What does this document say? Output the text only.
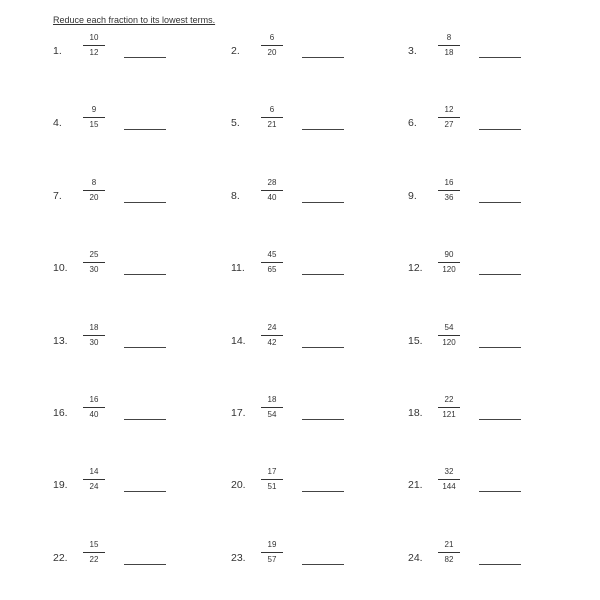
Reduce each fraction to its lowest terms.
1.
10
12	2.
6
20	3.
8
18
4.
9
15	5.
6
21	6.
12
27
7.
8
20	8.
28
40	9.
16
36
10.
25
30	11.
45
65	12.
90
120
13.
18
30	14.
24
42	15.
54
120
16.
16
40	17.
18
54	18.
22
121
19.
14
24	20.
17
51	21.
32
144
22.
15
22	23.
19
57	24.
21
82
